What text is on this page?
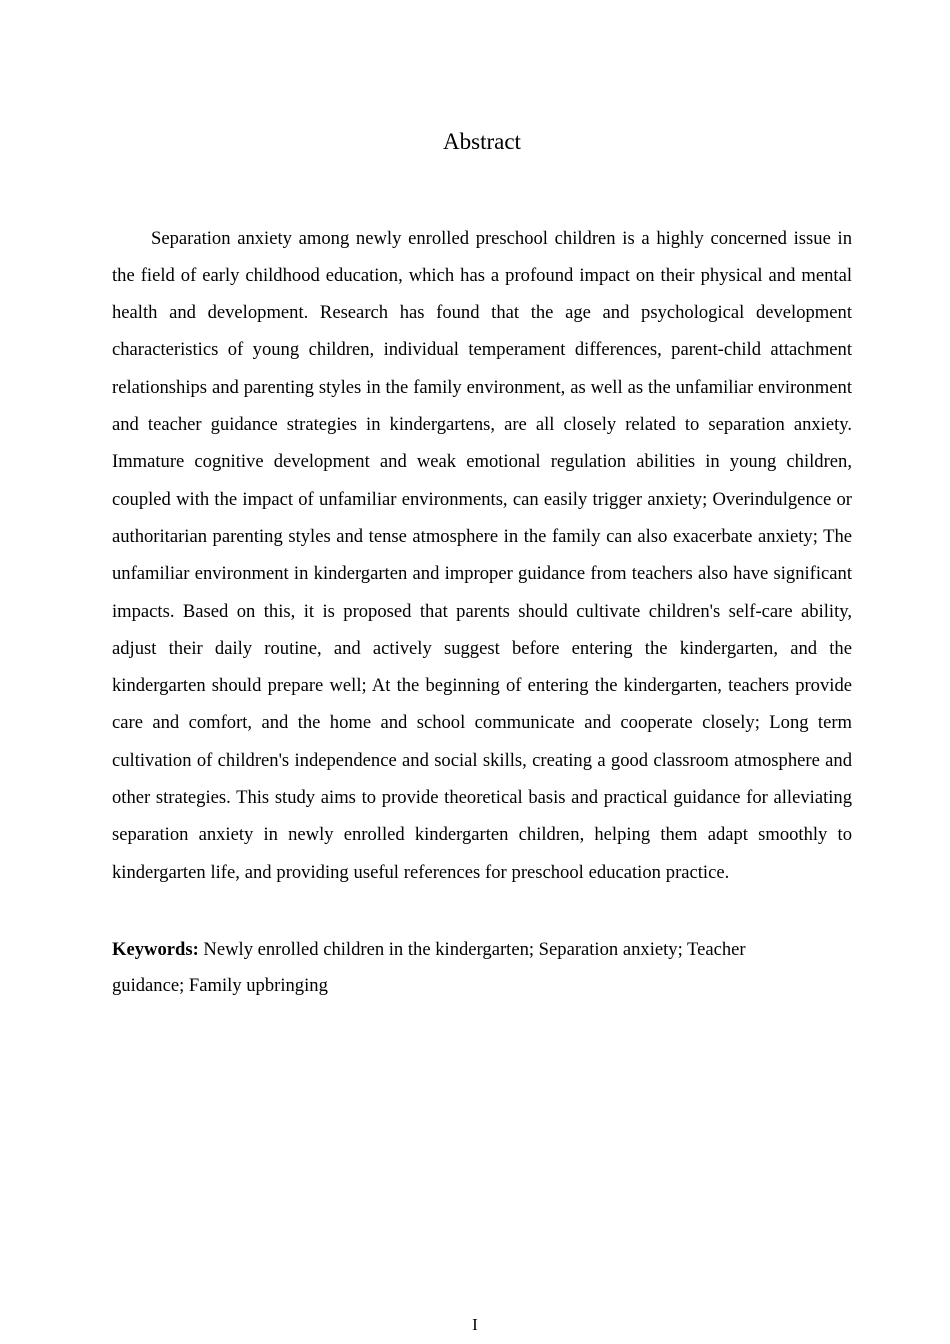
Abstract

Separation anxiety among newly enrolled preschool children is a highly concerned issue in the field of early childhood education, which has a profound impact on their physical and mental health and development. Research has found that the age and psychological development characteristics of young children, individual temperament differences, parent-child attachment relationships and parenting styles in the family environment, as well as the unfamiliar environment and teacher guidance strategies in kindergartens, are all closely related to separation anxiety. Immature cognitive development and weak emotional regulation abilities in young children, coupled with the impact of unfamiliar environments, can easily trigger anxiety; Overindulgence or authoritarian parenting styles and tense atmosphere in the family can also exacerbate anxiety; The unfamiliar environment in kindergarten and improper guidance from teachers also have significant impacts. Based on this, it is proposed that parents should cultivate children's self-care ability, adjust their daily routine, and actively suggest before entering the kindergarten, and the kindergarten should prepare well; At the beginning of entering the kindergarten, teachers provide care and comfort, and the home and school communicate and cooperate closely; Long term cultivation of children's independence and social skills, creating a good classroom atmosphere and other strategies. This study aims to provide theoretical basis and practical guidance for alleviating separation anxiety in newly enrolled kindergarten children, helping them adapt smoothly to kindergarten life, and providing useful references for preschool education practice.

Keywords: Newly enrolled children in the kindergarten; Separation anxiety; Teacher guidance; Family upbringing

I
